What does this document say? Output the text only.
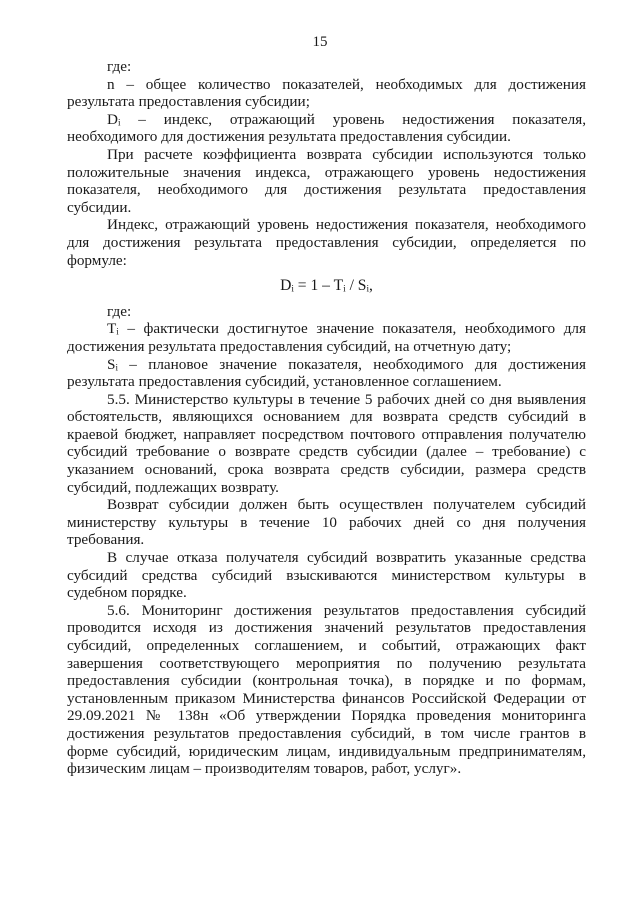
15

где:

n – общее количество показателей, необходимых для достижения результата предоставления субсидии;

Dᵢ – индекс, отражающий уровень недостижения показателя, необходимого для достижения результата предоставления субсидии.

При расчете коэффициента возврата субсидии используются только положительные значения индекса, отражающего уровень недостижения показателя, необходимого для достижения результата предоставления субсидии.

Индекс, отражающий уровень недостижения показателя, необходимого для достижения результата предоставления субсидии, определяется по формуле:

Dᵢ = 1 – Tᵢ / Sᵢ,

где:

Tᵢ – фактически достигнутое значение показателя, необходимого для достижения результата предоставления субсидий, на отчетную дату;

Sᵢ – плановое значение показателя, необходимого для достижения результата предоставления субсидий, установленное соглашением.

5.5. Министерство культуры в течение 5 рабочих дней со дня выявления обстоятельств, являющихся основанием для возврата средств субсидий в краевой бюджет, направляет посредством почтового отправления получателю субсидий требование о возврате средств субсидии (далее – требование) с указанием оснований, срока возврата средств субсидии, размера средств субсидий, подлежащих возврату.

Возврат субсидии должен быть осуществлен получателем субсидий министерству культуры в течение 10 рабочих дней со дня получения требования.

В случае отказа получателя субсидий возвратить указанные средства субсидий средства субсидий взыскиваются министерством культуры в судебном порядке.

5.6. Мониторинг достижения результатов предоставления субсидий проводится исходя из достижения значений результатов предоставления субсидий, определенных соглашением, и событий, отражающих факт завершения соответствующего мероприятия по получению результата предоставления субсидии (контрольная точка), в порядке и по формам, установленным приказом Министерства финансов Российской Федерации от 29.09.2021 № 138н «Об утверждении Порядка проведения мониторинга достижения результатов предоставления субсидий, в том числе грантов в форме субсидий, юридическим лицам, индивидуальным предпринимателям, физическим лицам – производителям товаров, работ, услуг».
